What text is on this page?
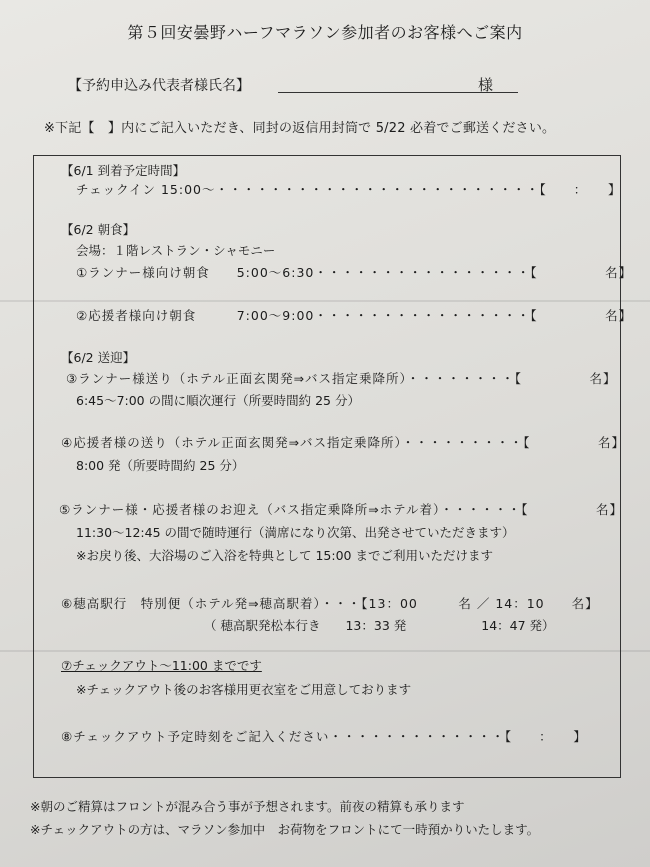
第５回安曇野ハーフマラソン参加者のお客様へご案内
【予約申込み代表者様氏名】	様
※下記【　】内にご記入いただき、同封の返信用封筒で 5/22 必着でご郵送ください。
【6/1 到着予定時間】
チェックイン 15:00～・・・・・・・・・・・・・・・・・・・・・・・・【　　：　　】
【6/2 朝食】
会場：１階レストラン・シャモニー
①ランナー様向け朝食　　5:00～6:30・・・・・・・・・・・・・・・・【　　　　　名】
②応援者様向け朝食　　　7:00～9:00・・・・・・・・・・・・・・・・【　　　　　名】
【6/2 送迎】
③ランナー様送り（ホテル正面玄関発⇒バス指定乗降所）・・・・・・・・【　　　　　名】
6:45～7:00 の間に順次運行（所要時間約 25 分）
④応援者様の送り（ホテル正面玄関発⇒バス指定乗降所）・・・・・・・・・【　　　　　名】
8:00 発（所要時間約 25 分）
⑤ランナー様・応援者様のお迎え（バス指定乗降所⇒ホテル着）・・・・・・【　　　　　名】
11:30～12:45 の間で随時運行（満席になり次第、出発させていただきます）
※お戻り後、大浴場のご入浴を特典として 15:00 までご利用いただけます
⑥穂高駅行　特別便（ホテル発⇒穂高駅着）・・・【13：00　　　名 ／ 14：10　　名】
（ 穂高駅発松本行き　　13：33 発　　　　　　14：47 発）
⑦チェックアウト～11:00 までです
※チェックアウト後のお客様用更衣室をご用意しております
⑧チェックアウト予定時刻をご記入ください・・・・・・・・・・・・・【　　：　　】
※朝のご精算はフロントが混み合う事が予想されます。前夜の精算も承ります
※チェックアウトの方は、マラソン参加中　お荷物をフロントにて一時預かりいたします。
